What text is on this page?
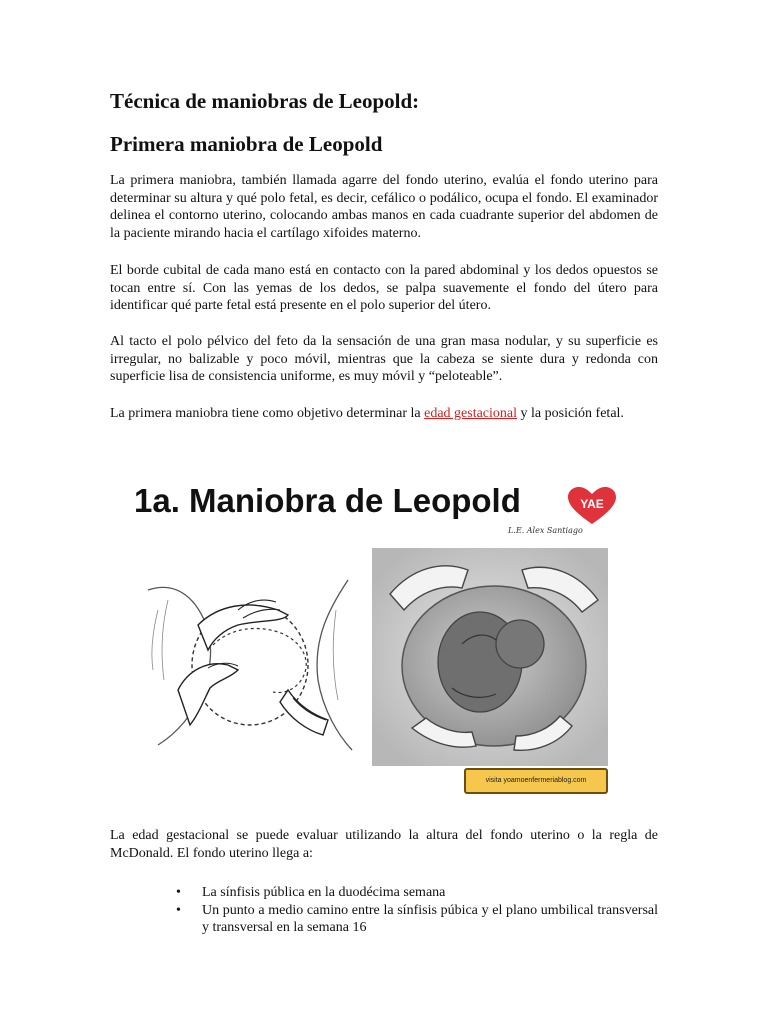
Técnica de maniobras de Leopold:
Primera maniobra de Leopold

La primera maniobra, también llamada agarre del fondo uterino, evalúa el fondo uterino para determinar su altura y qué polo fetal, es decir, cefálico o podálico, ocupa el fondo. El examinador delinea el contorno uterino, colocando ambas manos en cada cuadrante superior del abdomen de la paciente mirando hacia el cartílago xifoides materno.

El borde cubital de cada mano está en contacto con la pared abdominal y los dedos opuestos se tocan entre sí. Con las yemas de los dedos, se palpa suavemente el fondo del útero para identificar qué parte fetal está presente en el polo superior del útero.

Al tacto el polo pélvico del feto da la sensación de una gran masa nodular, y su superficie es irregular, no balizable y poco móvil, mientras que la cabeza se siente dura y redonda con superficie lisa de consistencia uniforme, es muy móvil y “peloteable”.

La primera maniobra tiene como objetivo determinar la edad gestacional y la posición fetal.

La edad gestacional se puede evaluar utilizando la altura del fondo uterino o la regla de McDonald. El fondo uterino llega a:

• La sínfisis pública en la duodécima semana
• Un punto a medio camino entre la sínfisis púbica y el plano umbilical transversal y transversal en la semana 16
1a. Maniobra de Leopold	YAE
L.E. Alex Santiago
visita yoamoenfermeriablog.com
